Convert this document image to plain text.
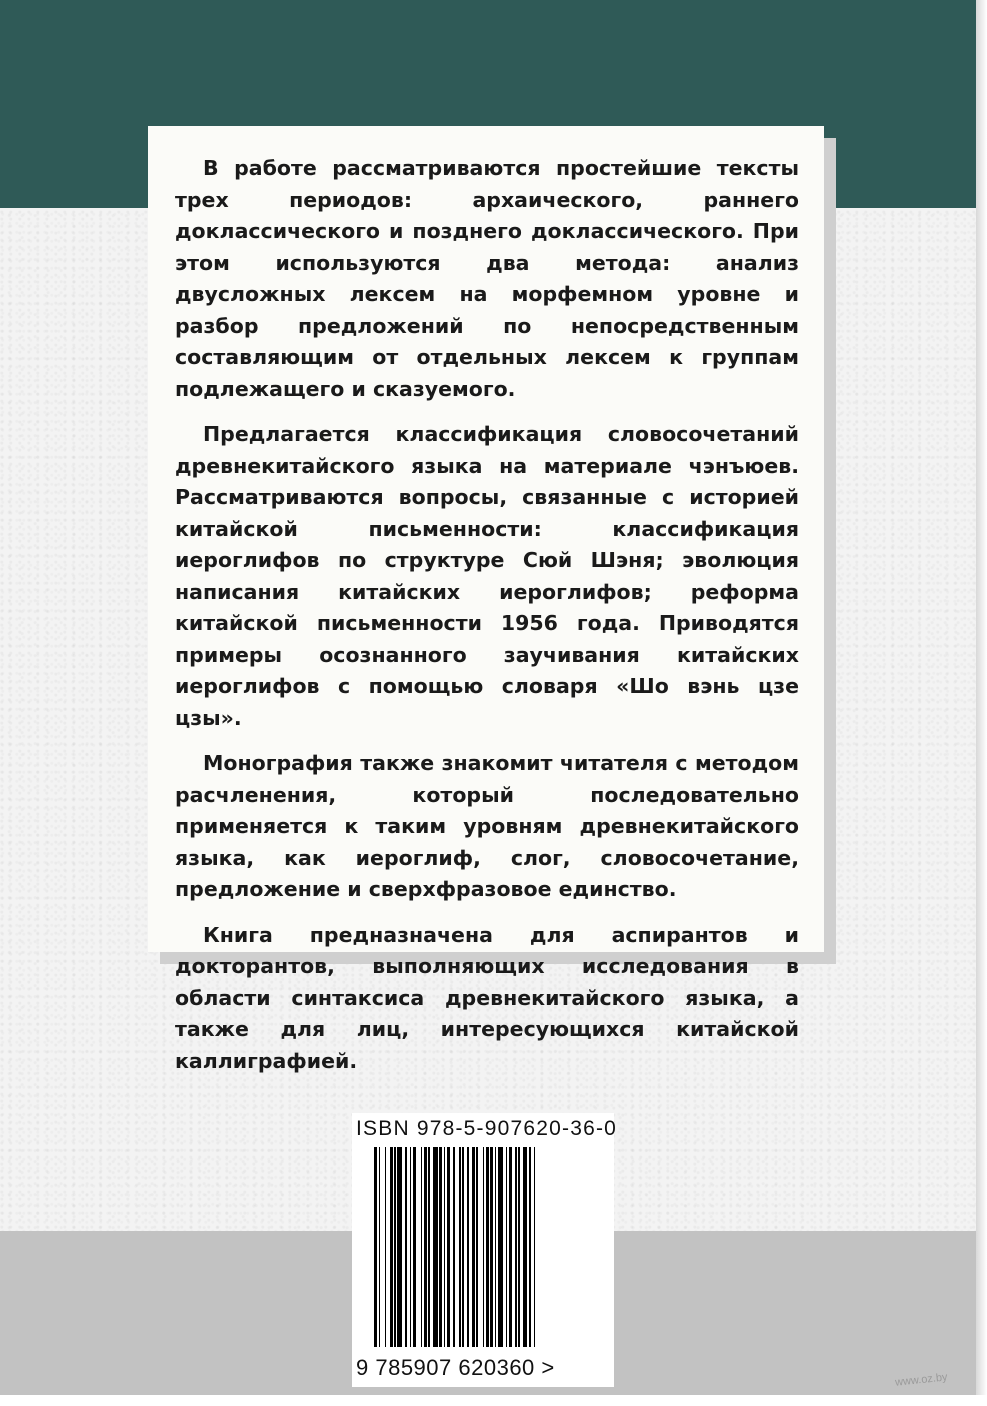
В работе рассматриваются простейшие тексты трех периодов: архаического, раннего доклассического и позднего доклассического. При этом используются два метода: анализ двусложных лексем на морфемном уровне и разбор предложений по непосредственным составляющим от отдельных лексем к группам подлежащего и сказуемого.

Предлагается классификация словосочетаний древнекитайского языка на материале чэнъюев. Рассматриваются вопросы, связанные с историей китайской письменности: классификация иероглифов по структуре Сюй Шэня; эволюция написания китайских иероглифов; реформа китайской письменности 1956 года. Приводятся примеры осознанного заучивания китайских иероглифов с помощью словаря «Шо вэнь цзе цзы».

Монография также знакомит читателя с методом расчленения, который последовательно применяется к таким уровням древнекитайского языка, как иероглиф, слог, словосочетание, предложение и сверхфразовое единство.

Книга предназначена для аспирантов и докторантов, выполняющих исследования в области синтаксиса древнекитайского языка, а также для лиц, интересующихся китайской каллиграфией.

ISBN 978-5-907620-36-0
9 785907 620360 >	www.oz.by
